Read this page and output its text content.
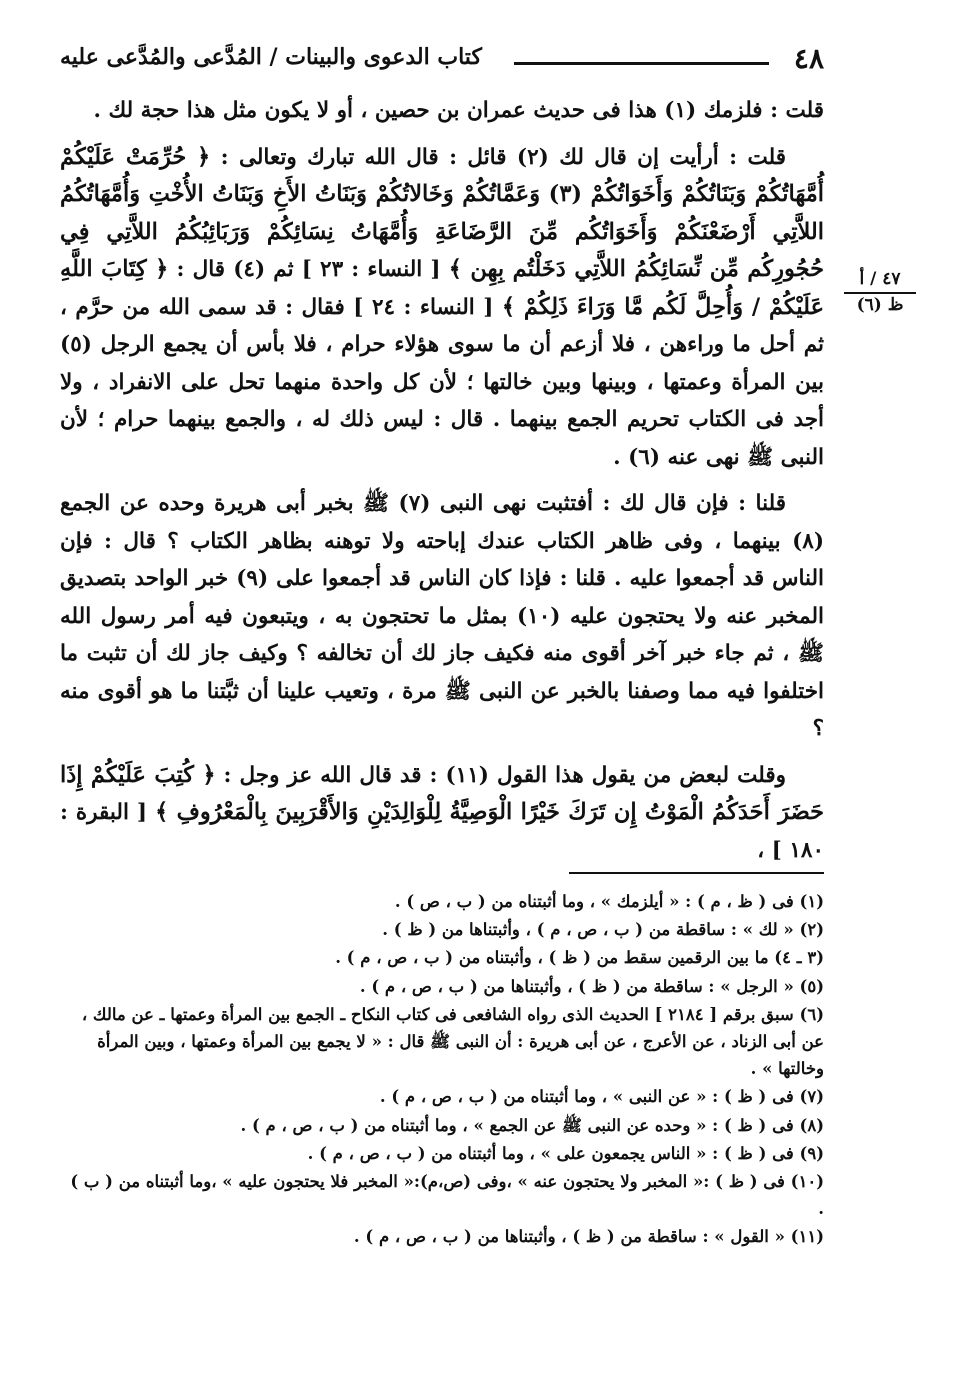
٤٨
كتاب الدعوى والبينات / المُدَّعى والمُدَّعى عليه
٤٧ / أ
ظ (٦)

قلت : فلزمك (١) هذا فى حديث عمران بن حصين ، أو لا يكون مثل هذا حجة لك .

قلت : أرأيت إن قال لك (٢) قائل : قال الله تبارك وتعالى : ﴿ حُرِّمَتْ عَلَيْكُمْ أُمَّهَاتُكُمْ وَبَنَاتُكُمْ وَأَخَوَاتُكُمْ (٣) وَعَمَّاتُكُمْ وَخَالاتُكُمْ وَبَنَاتُ الأَخِ وَبَنَاتُ الأُخْتِ وَأُمَّهَاتُكُمُ اللاَّتِي أَرْضَعْنَكُمْ وَأَخَوَاتُكُم مِّنَ الرَّضَاعَةِ وَأُمَّهَاتُ نِسَائِكُمْ وَرَبَائِبُكُمُ اللاَّتِي فِي حُجُورِكُم مِّن نِّسَائِكُمُ اللاَّتِي دَخَلْتُم بِهِن ﴾ [ النساء : ٢٣ ] ثم (٤) قال : ﴿ كِتَابَ اللَّهِ عَلَيْكُمْ / وَأُحِلَّ لَكُم مَّا وَرَاءَ ذَلِكُمْ ﴾ [ النساء : ٢٤ ] فقال : قد سمى الله من حرَّم ، ثم أحل ما وراءهن ، فلا أزعم أن ما سوى هؤلاء حرام ، فلا بأس أن يجمع الرجل (٥) بين المرأة وعمتها ، وبينها وبين خالتها ؛ لأن كل واحدة منهما تحل على الانفراد ، ولا أجد فى الكتاب تحريم الجمع بينهما . قال : ليس ذلك له ، والجمع بينهما حرام ؛ لأن النبى ﷺ نهى عنه (٦) .

قلنا : فإن قال لك : أفتثبت نهى النبى (٧) ﷺ بخبر أبى هريرة وحده عن الجمع (٨) بينهما ، وفى ظاهر الكتاب عندك إباحته ولا توهنه بظاهر الكتاب ؟ قال : فإن الناس قد أجمعوا عليه . قلنا : فإذا كان الناس قد أجمعوا على (٩) خبر الواحد بتصديق المخبر عنه ولا يحتجون عليه (١٠) بمثل ما تحتجون به ، ويتبعون فيه أمر رسول الله ﷺ ، ثم جاء خبر آخر أقوى منه فكيف جاز لك أن تخالفه ؟ وكيف جاز لك أن تثبت ما اختلفوا فيه مما وصفنا بالخبر عن النبى ﷺ مرة ، وتعيب علينا أن ثبَّتنا ما هو أقوى منه ؟

وقلت لبعض من يقول هذا القول (١١) : قد قال الله عز وجل : ﴿ كُتِبَ عَلَيْكُمْ إِذَا حَضَرَ أَحَدَكُمُ الْمَوْتُ إِن تَرَكَ خَيْرًا الْوَصِيَّةُ لِلْوَالِدَيْنِ وَالأَقْرَبِينَ بِالْمَعْرُوفِ ﴾ [ البقرة : ١٨٠ ] ،

(١) فى ( ظ ، م ) : « أيلزمك » ، وما أثبتناه من ( ب ، ص ) .
(٢) « لك » : ساقطة من ( ب ، ص ، م ) ، وأثبتناها من ( ظ ) .
(٣ ـ ٤) ما بين الرقمين سقط من ( ظ ) ، وأثبتناه من ( ب ، ص ، م ) .
(٥) « الرجل » : ساقطة من ( ظ ) ، وأثبتناها من ( ب ، ص ، م ) .
(٦) سبق برقم [ ٢١٨٤ ] الحديث الذى رواه الشافعى فى كتاب النكاح ـ الجمع بين المرأة وعمتها ـ عن مالك ، عن أبى الزناد ، عن الأعرج ، عن أبى هريرة : أن النبى ﷺ قال : « لا يجمع بين المرأة وعمتها ، وبين المرأة وخالتها » .
(٧) فى ( ظ ) : « عن النبى » ، وما أثبتناه من ( ب ، ص ، م ) .
(٨) فى ( ظ ) : « وحده عن النبى ﷺ عن الجمع » ، وما أثبتناه من ( ب ، ص ، م ) .
(٩) فى ( ظ ) : « الناس يجمعون على » ، وما أثبتناه من ( ب ، ص ، م ) .
(١٠) فى ( ظ ) :« المخبر ولا يحتجون عنه » ،وفى (ص،م):« المخبر فلا يحتجون عليه » ،وما أثبتناه من ( ب ) .
(١١) « القول » : ساقطة من ( ظ ) ، وأثبتناها من ( ب ، ص ، م ) .
